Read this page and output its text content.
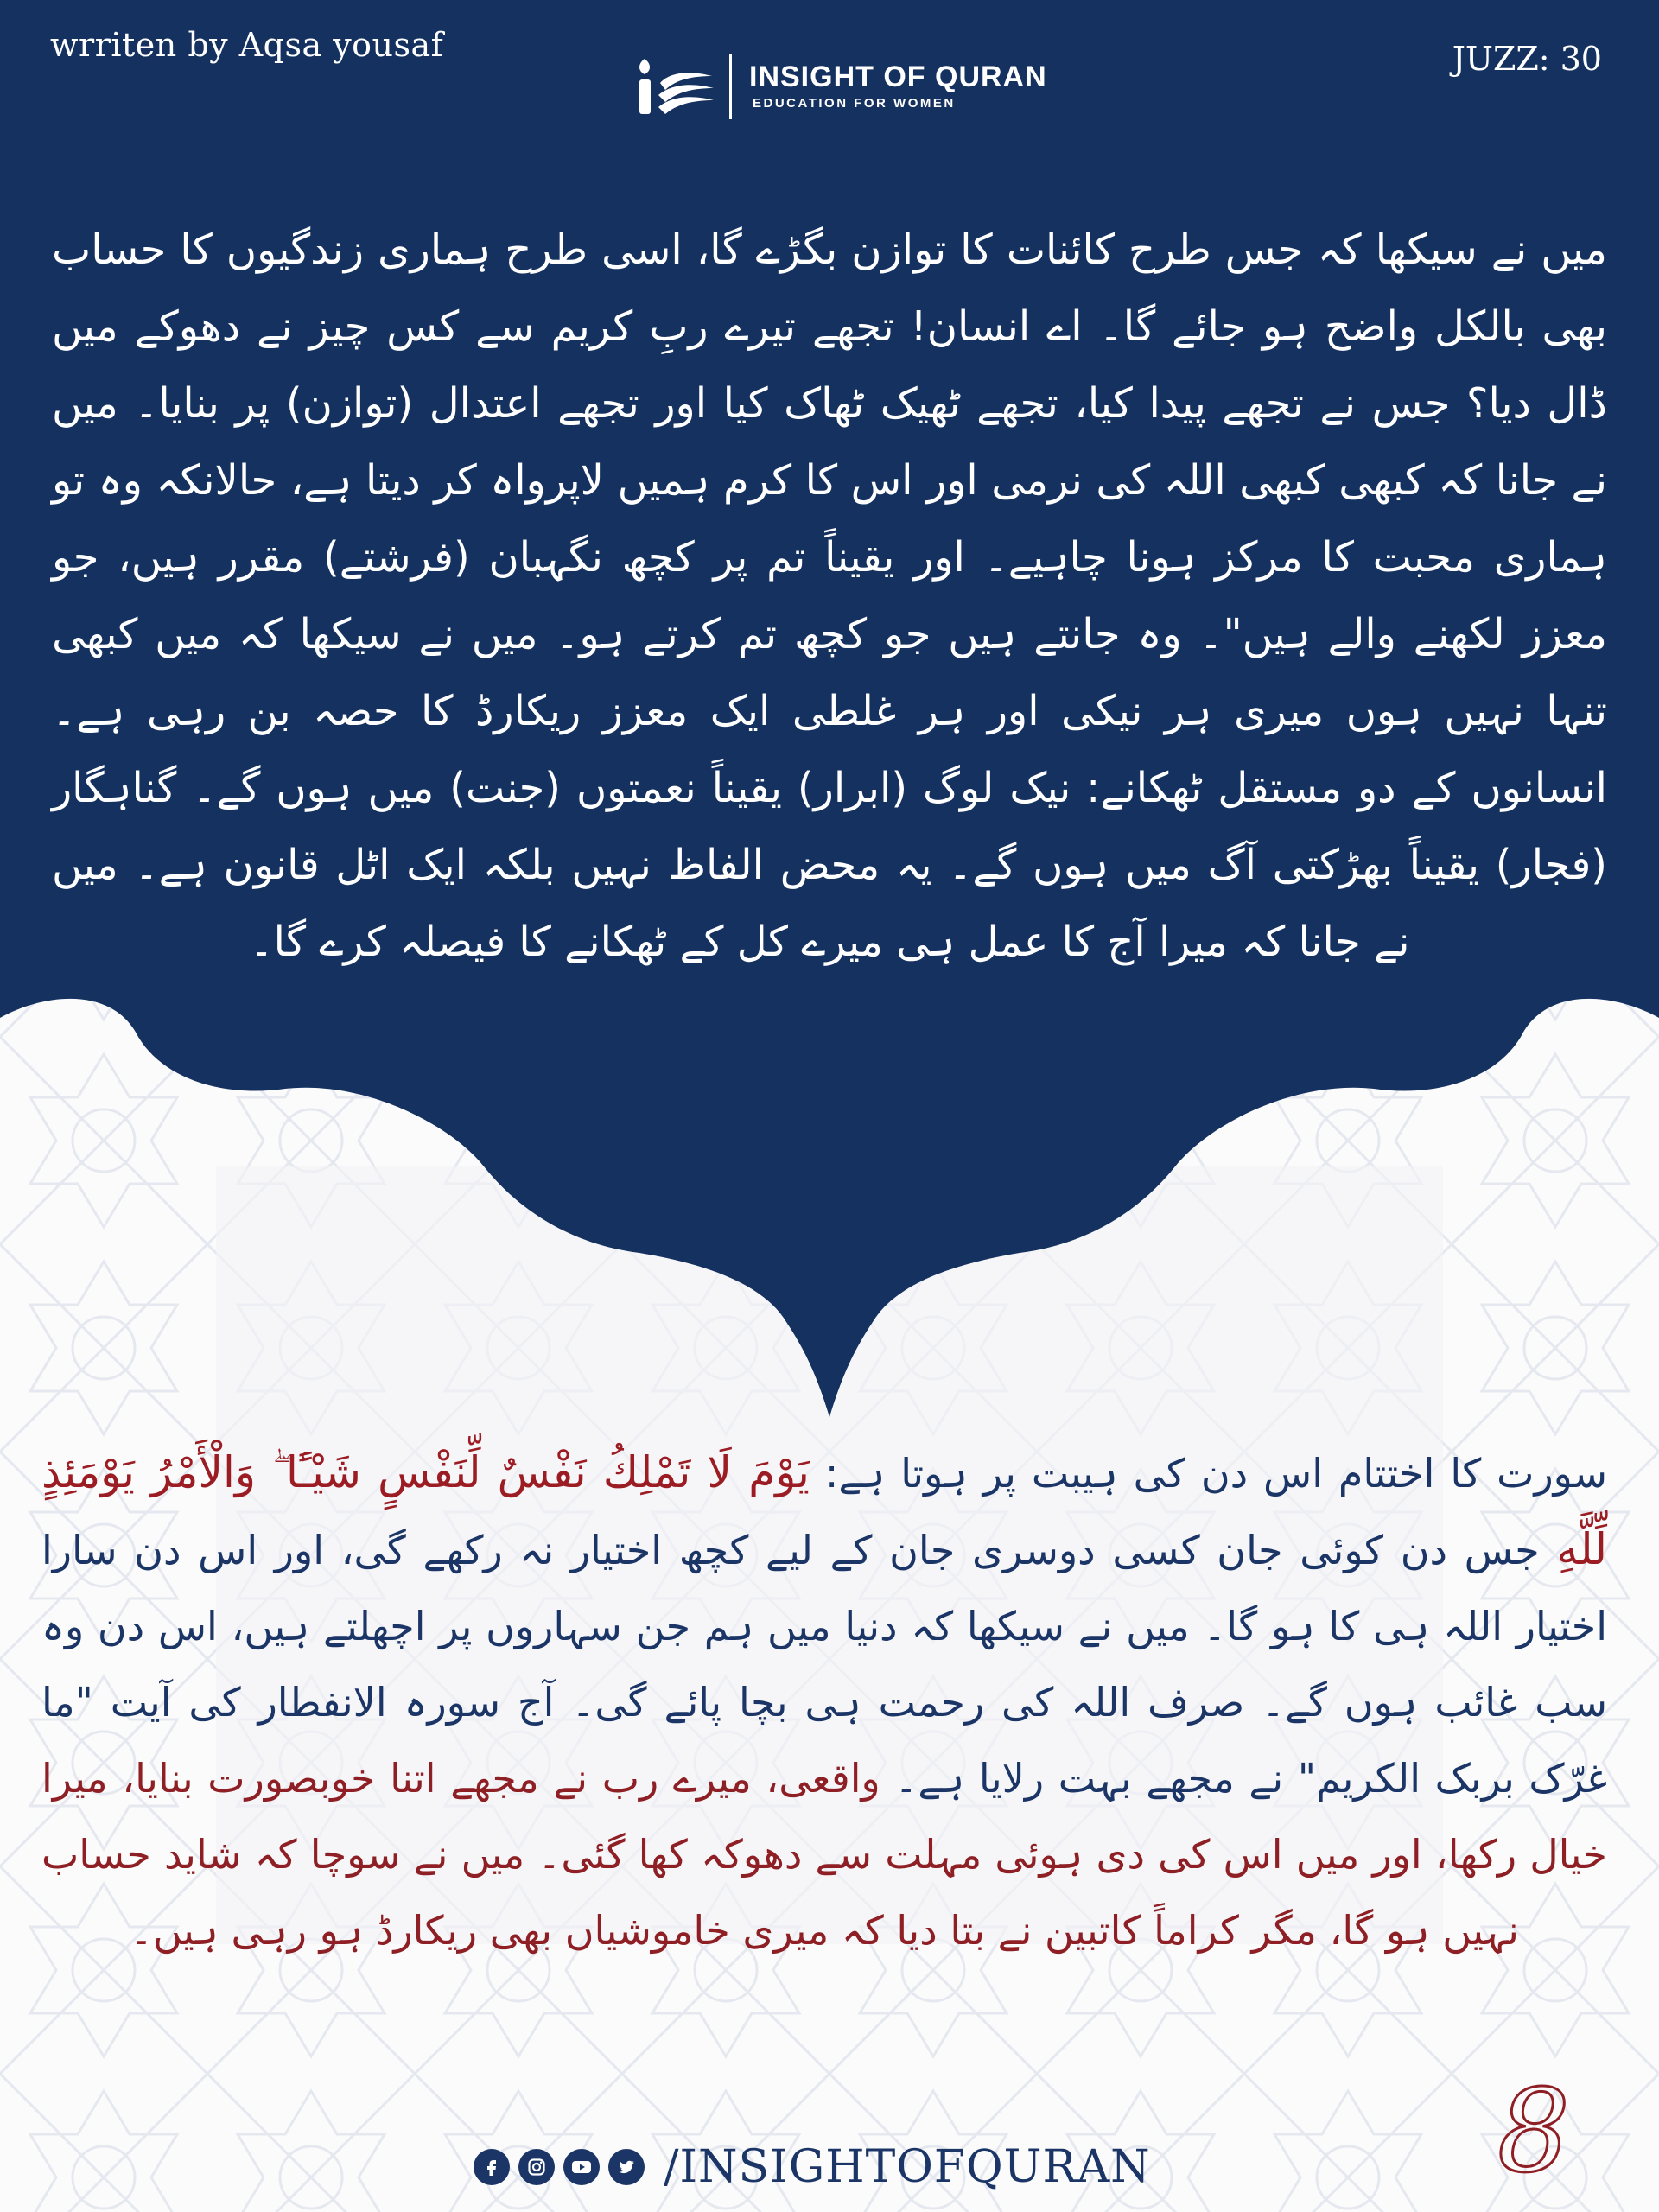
wrriten by Aqsa yousaf	JUZZ: 30
INSIGHT OF QURAN
EDUCATION FOR WOMEN
میں نے سیکھا کہ جس طرح کائنات کا توازن بگڑے گا، اسی طرح ہماری زندگیوں کا حساب بھی بالکل واضح ہو جائے گا۔ اے انسان! تجھے تیرے ربِ کریم سے کس چیز نے دھوکے میں ڈال دیا؟ جس نے تجھے پیدا کیا، تجھے ٹھیک ٹھاک کیا اور تجھے اعتدال (توازن) پر بنایا۔ میں نے جانا کہ کبھی کبھی اللہ کی نرمی اور اس کا کرم ہمیں لاپرواہ کر دیتا ہے، حالانکہ وہ تو ہماری محبت کا مرکز ہونا چاہیے۔ اور یقیناً تم پر کچھ نگہبان (فرشتے) مقرر ہیں، جو معزز لکھنے والے ہیں"۔ وہ جانتے ہیں جو کچھ تم کرتے ہو۔ میں نے سیکھا کہ میں کبھی تنہا نہیں ہوں میری ہر نیکی اور ہر غلطی ایک معزز ریکارڈ کا حصہ بن رہی ہے۔ انسانوں کے دو مستقل ٹھکانے: نیک لوگ (ابرار) یقیناً نعمتوں (جنت) میں ہوں گے۔ گناہگار (فجار) یقیناً بھڑکتی آگ میں ہوں گے۔ یہ محض الفاظ نہیں بلکہ ایک اٹل قانون ہے۔ میں نے جانا کہ میرا آج کا عمل ہی میرے کل کے ٹھکانے کا فیصلہ کرے گا۔
سورت کا اختتام اس دن کی ہیبت پر ہوتا ہے: يَوْمَ لَا تَمْلِكُ نَفْسٌ لِّنَفْسٍ شَيْـًٔا ۖ وَالْأَمْرُ يَوْمَئِذٍ لِّلَّهِ جس دن کوئی جان کسی دوسری جان کے لیے کچھ اختیار نہ رکھے گی، اور اس دن سارا اختیار اللہ ہی کا ہو گا۔ میں نے سیکھا کہ دنیا میں ہم جن سہاروں پر اچھلتے ہیں، اس دن وہ سب غائب ہوں گے۔ صرف اللہ کی رحمت ہی بچا پائے گی۔ آج سورہ الانفطار کی آیت "ما غرّک بربک الکریم" نے مجھے بہت رلایا ہے۔ واقعی، میرے رب نے مجھے اتنا خوبصورت بنایا، میرا خیال رکھا، اور میں اس کی دی ہوئی مہلت سے دھوکہ کھا گئی۔ میں نے سوچا کہ شاید حساب نہیں ہو گا، مگر کراماً کاتبین نے بتا دیا کہ میری خاموشیاں بھی ریکارڈ ہو رہی ہیں۔
8
/INSIGHTOFQURAN
